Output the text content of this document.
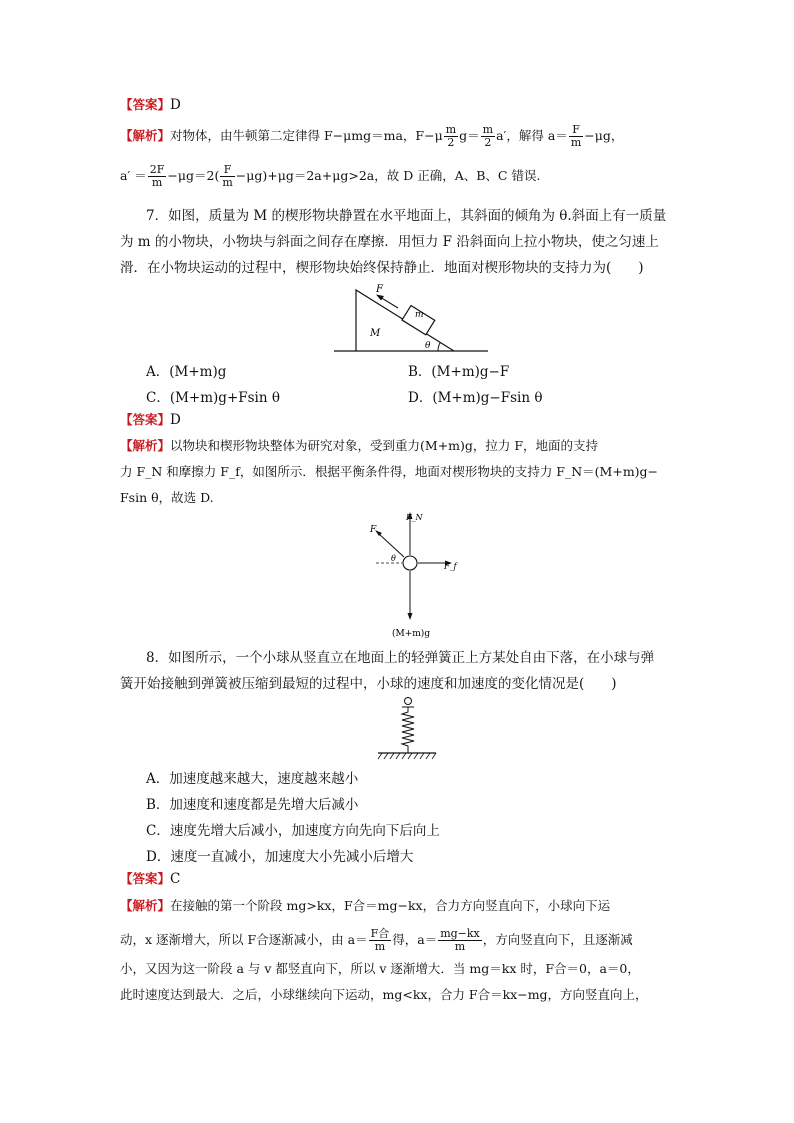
【答案】D
【解析】对物体，由牛顿第二定律得 F−μmg＝ma，$F-\mu \frac{m}{2} g= \frac{m}{2} a'$，解得 $a= \frac{F}{m} -\mu g$，
$a' = \frac{2F}{m} -\mu g=2( \frac{F}{m} -\mu g)+\mu g=2a+\mu g>2a$，故 D 正确，A、B、C 错误.
7．如图，质量为 M 的楔形物块静置在水平地面上，其斜面的倾角为 θ.斜面上有一质量
为 m 的小物块，小物块与斜面之间存在摩擦．用恒力 F 沿斜面向上拉小物块，使之匀速上
滑．在小物块运动的过程中，楔形物块始终保持静止．地面对楔形物块的支持力为(　　)
F
m
M
θ
A．(M+m)g	B．(M+m)g−F
C．(M+m)g+Fsin θ	D．(M+m)g−Fsin θ
【答案】D
【解析】以物块和楔形物块整体为研究对象，受到重力(M+m)g，拉力 F，地面的支持
力 F_N 和摩擦力 F_f，如图所示．根据平衡条件得，地面对楔形物块的支持力 F_N＝(M+m)g−
Fsin θ，故选 D.
F
F_N
F_f
θ
(M+m)g
8．如图所示，一个小球从竖直立在地面上的轻弹簧正上方某处自由下落，在小球与弹
簧开始接触到弹簧被压缩到最短的过程中，小球的速度和加速度的变化情况是(　　)
A．加速度越来越大，速度越来越小
B．加速度和速度都是先增大后减小
C．速度先增大后减小，加速度方向先向下后向上
D．速度一直减小，加速度大小先减小后增大
【答案】C
【解析】在接触的第一个阶段 mg>kx，F合＝mg−kx，合力方向竖直向下，小球向下运
动，x 逐渐增大，所以 F合逐渐减小，由 $a= \frac{\text{F合}}{m}$ 得，$a= \frac{mg-kx}{m}$ ，方向竖直向下，且逐渐减
小，又因为这一阶段 a 与 v 都竖直向下，所以 v 逐渐增大．当 mg＝kx 时，F合＝0，a＝0，
此时速度达到最大．之后，小球继续向下运动，mg<kx，合力 F合＝kx−mg，方向竖直向上，
